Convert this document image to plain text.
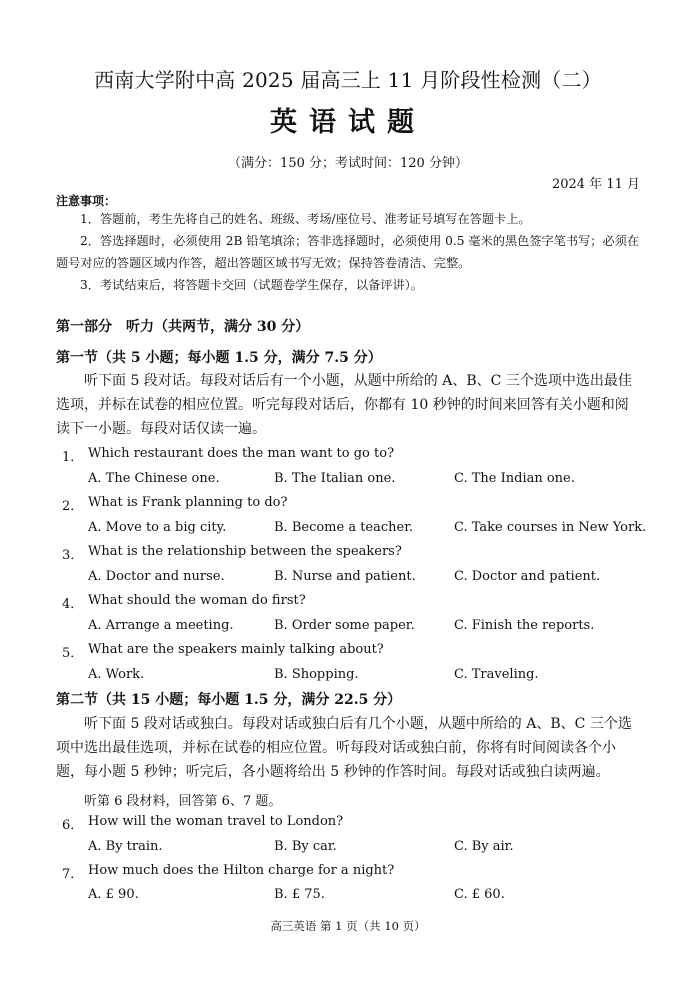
西南大学附中高 2025 届高三上 11 月阶段性检测（二）
英语试题
（满分：150 分；考试时间：120 分钟）
2024 年 11 月
注意事项：
1．答题前，考生先将自己的姓名、班级、考场/座位号、准考证号填写在答题卡上。
2．答选择题时，必须使用 2B 铅笔填涂；答非选择题时，必须使用 0.5 毫米的黑色签字笔书写；必须在题号对应的答题区域内作答，超出答题区域书写无效；保持答卷清洁、完整。
3．考试结束后，将答题卡交回（试题卷学生保存，以备评讲）。
第一部分　听力（共两节，满分 30 分）
第一节（共 5 小题；每小题 1.5 分，满分 7.5 分）
听下面 5 段对话。每段对话后有一个小题，从题中所给的 A、B、C 三个选项中选出最佳选项，并标在试卷的相应位置。听完每段对话后，你都有 10 秒钟的时间来回答有关小题和阅读下一小题。每段对话仅读一遍。
1． Which restaurant does the man want to go to?
A. The Chinese one.	B. The Italian one.	C. The Indian one.
2． What is Frank planning to do?
A. Move to a big city.	B. Become a teacher.	C. Take courses in New York.
3． What is the relationship between the speakers?
A. Doctor and nurse.	B. Nurse and patient.	C. Doctor and patient.
4． What should the woman do first?
A. Arrange a meeting.	B. Order some paper.	C. Finish the reports.
5． What are the speakers mainly talking about?
A. Work.	B. Shopping.	C. Traveling.
第二节（共 15 小题；每小题 1.5 分，满分 22.5 分）
听下面 5 段对话或独白。每段对话或独白后有几个小题，从题中所给的 A、B、C 三个选项中选出最佳选项，并标在试卷的相应位置。听每段对话或独白前，你将有时间阅读各个小题，每小题 5 秒钟；听完后，各小题将给出 5 秒钟的作答时间。每段对话或独白读两遍。
听第 6 段材料，回答第 6、7 题。
6． How will the woman travel to London?
A. By train.	B. By car.	C. By air.
7． How much does the Hilton charge for a night?
A. £ 90.	B. £ 75.	C. £ 60.
高三英语 第 1 页（共 10 页）
